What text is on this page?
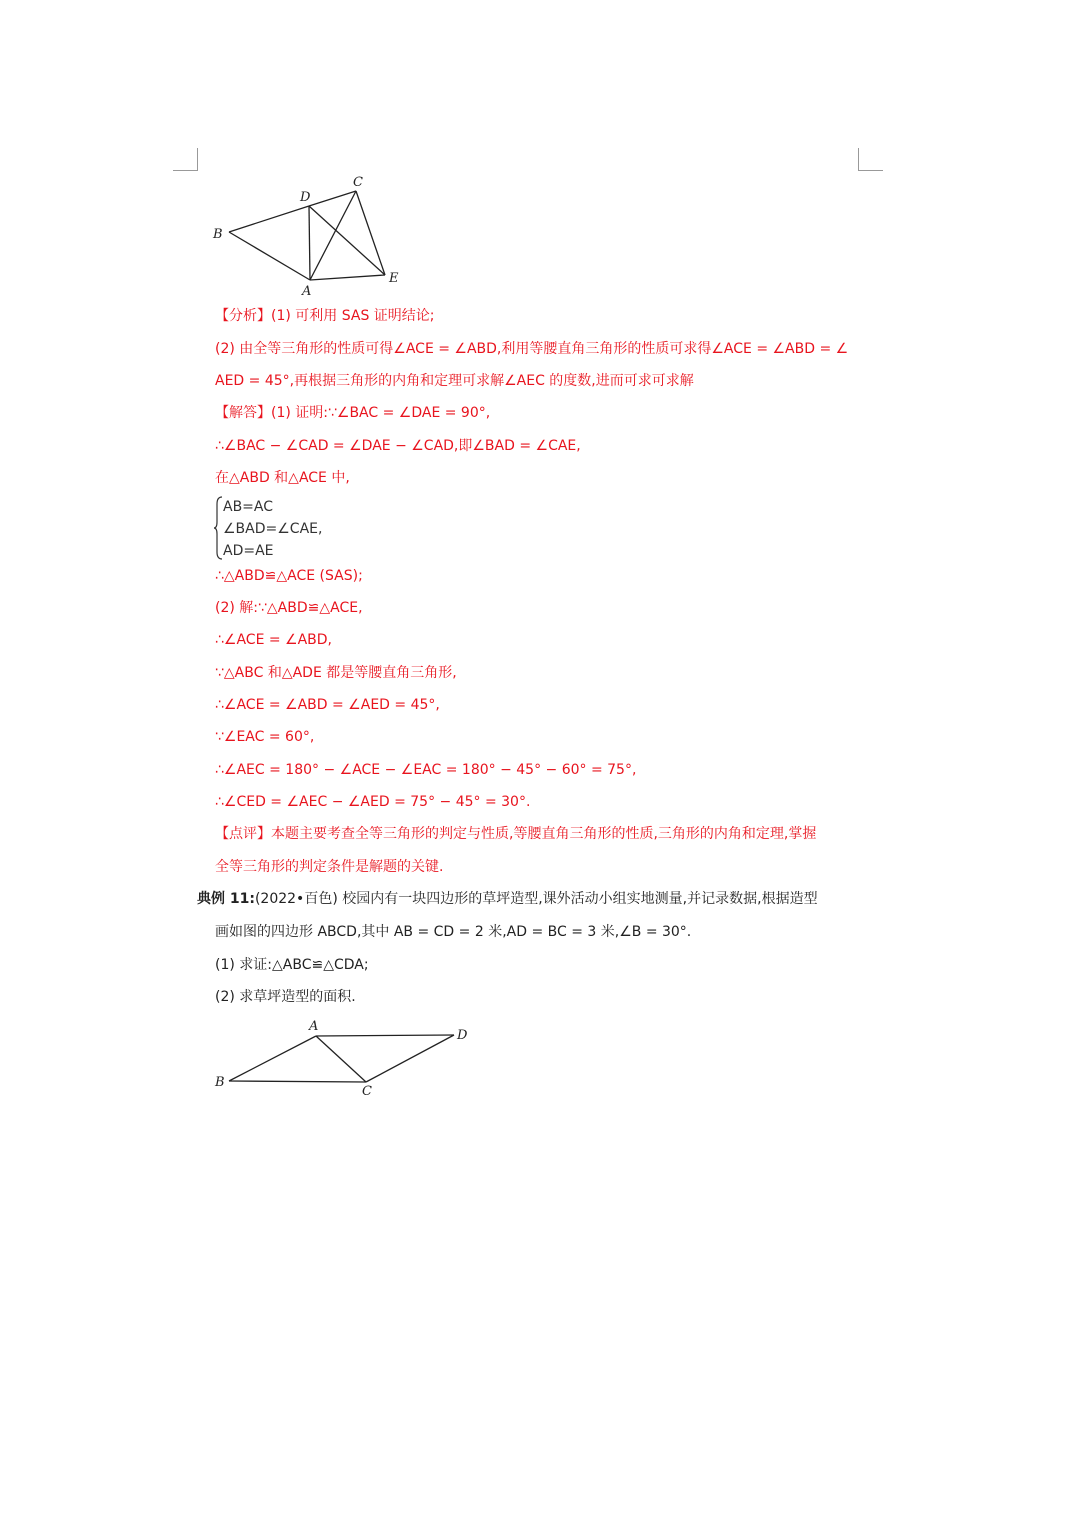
B
D
C
A
E
【分析】(1) 可利用 SAS 证明结论;
(2) 由全等三角形的性质可得∠ACE = ∠ABD,利用等腰直角三角形的性质可求得∠ACE = ∠ABD = ∠
AED = 45°,再根据三角形的内角和定理可求解∠AEC 的度数,进而可求可求解
【解答】(1) 证明:∵∠BAC = ∠DAE = 90°,
∴∠BAC − ∠CAD = ∠DAE − ∠CAD,即∠BAD = ∠CAE,
在△ABD 和△ACE 中,
AB=AC
∠BAD=∠CAE,
AD=AE
∴△ABD≌△ACE (SAS);
(2) 解:∵△ABD≌△ACE,
∴∠ACE = ∠ABD,
∵△ABC 和△ADE 都是等腰直角三角形,
∴∠ACE = ∠ABD = ∠AED = 45°,
∵∠EAC = 60°,
∴∠AEC = 180° − ∠ACE − ∠EAC = 180° − 45° − 60° = 75°,
∴∠CED = ∠AEC − ∠AED = 75° − 45° = 30°.
【点评】本题主要考查全等三角形的判定与性质,等腰直角三角形的性质,三角形的内角和定理,掌握
全等三角形的判定条件是解题的关键.
典例 11:(2022•百色) 校园内有一块四边形的草坪造型,课外活动小组实地测量,并记录数据,根据造型
画如图的四边形 ABCD,其中 AB = CD = 2 米,AD = BC = 3 米,∠B = 30°.
(1) 求证:△ABC≌△CDA;
(2) 求草坪造型的面积.
A
D
B
C
